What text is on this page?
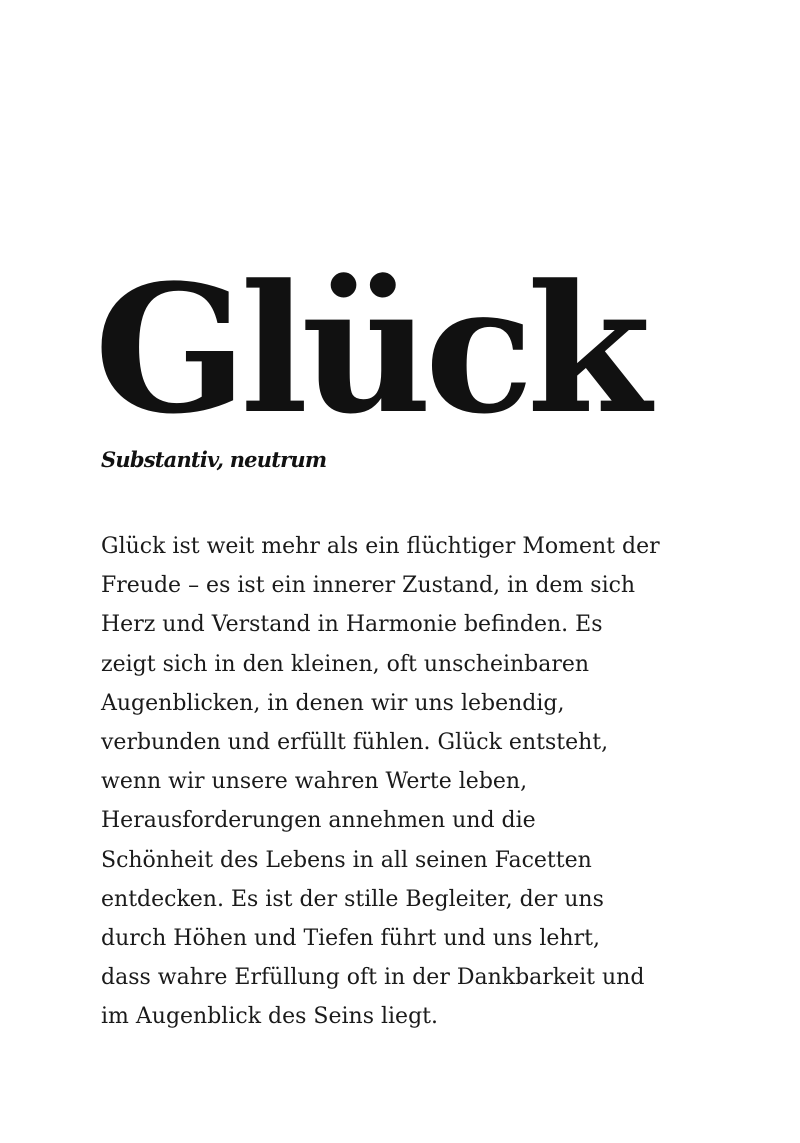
Glück

Substantiv, neutrum

Glück ist weit mehr als ein flüchtiger Moment der
Freude – es ist ein innerer Zustand, in dem sich
Herz und Verstand in Harmonie befinden. Es
zeigt sich in den kleinen, oft unscheinbaren
Augenblicken, in denen wir uns lebendig,
verbunden und erfüllt fühlen. Glück entsteht,
wenn wir unsere wahren Werte leben,
Herausforderungen annehmen und die
Schönheit des Lebens in all seinen Facetten
entdecken. Es ist der stille Begleiter, der uns
durch Höhen und Tiefen führt und uns lehrt,
dass wahre Erfüllung oft in der Dankbarkeit und
im Augenblick des Seins liegt.
